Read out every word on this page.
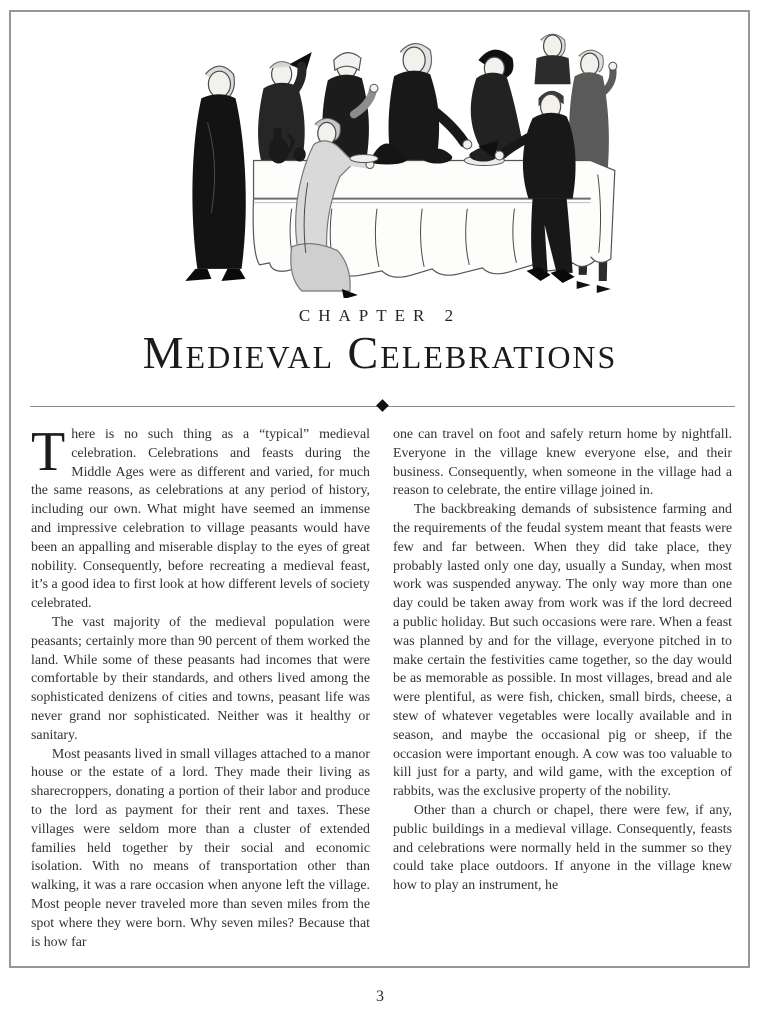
CHAPTER 2
Medieval Celebrations

There is no such thing as a “typical” medieval celebration. Celebrations and feasts during the Middle Ages were as different and varied, for much the same reasons, as celebrations at any period of history, including our own. What might have seemed an immense and impressive celebration to village peasants would have been an appalling and miserable display to the eyes of great nobility. Consequently, before recreating a medieval feast, it’s a good idea to first look at how different levels of society celebrated.

The vast majority of the medieval population were peasants; certainly more than 90 percent of them worked the land. While some of these peasants had incomes that were comfortable by their standards, and others lived among the sophisticated denizens of cities and towns, peasant life was never grand nor sophisticated. Neither was it healthy or sanitary.

Most peasants lived in small villages attached to a manor house or the estate of a lord. They made their living as sharecroppers, donating a portion of their labor and produce to the lord as payment for their rent and taxes. These villages were seldom more than a cluster of extended families held together by their social and economic isolation. With no means of transportation other than walking, it was a rare occasion when anyone left the village. Most people never traveled more than seven miles from the spot where they were born. Why seven miles? Because that is how far

one can travel on foot and safely return home by nightfall. Everyone in the village knew everyone else, and their business. Consequently, when someone in the village had a reason to celebrate, the entire village joined in.

The backbreaking demands of subsistence farming and the requirements of the feudal system meant that feasts were few and far between. When they did take place, they probably lasted only one day, usually a Sunday, when most work was suspended anyway. The only way more than one day could be taken away from work was if the lord decreed a public holiday. But such occasions were rare. When a feast was planned by and for the village, everyone pitched in to make certain the festivities came together, so the day would be as memorable as possible. In most villages, bread and ale were plentiful, as were fish, chicken, small birds, cheese, a stew of whatever vegetables were locally available and in season, and maybe the occasional pig or sheep, if the occasion were important enough. A cow was too valuable to kill just for a party, and wild game, with the exception of rabbits, was the exclusive property of the nobility.

Other than a church or chapel, there were few, if any, public buildings in a medieval village. Consequently, feasts and celebrations were normally held in the summer so they could take place outdoors. If anyone in the village knew how to play an instrument, he

3
